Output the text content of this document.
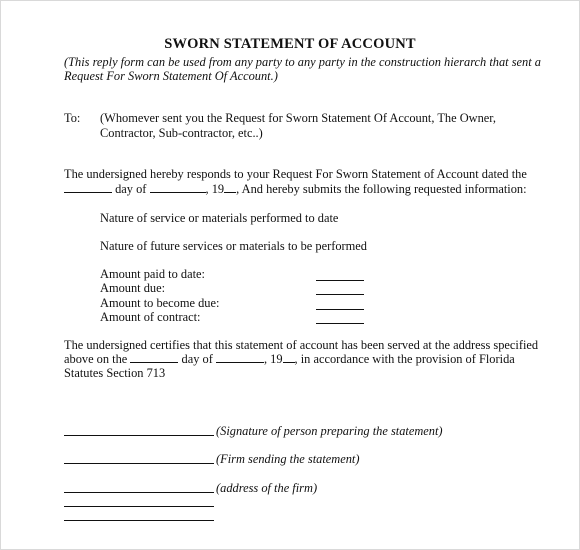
SWORN STATEMENT OF ACCOUNT
(This reply form can be used from any party to any party in the construction hierarch that sent a
Request For Sworn Statement Of Account.)
To: (Whomever sent you the Request for Sworn Statement Of Account, The Owner,
Contractor, Sub-contractor, etc..)
The undersigned hereby responds to your Request For Sworn Statement of Account dated the
day of	, 19 , And hereby submits the following requested information:
Nature of service or materials performed to date
Nature of future services or materials to be performed
Amount paid to date:
Amount due:
Amount to become due:
Amount of contract:
The undersigned certifies that this statement of account has been served at the address specified
above on the	day of	, 19 , in accordance with the provision of Florida
Statutes Section 713
(Signature of person preparing the statement)
(Firm sending the statement)
(address of the firm)
